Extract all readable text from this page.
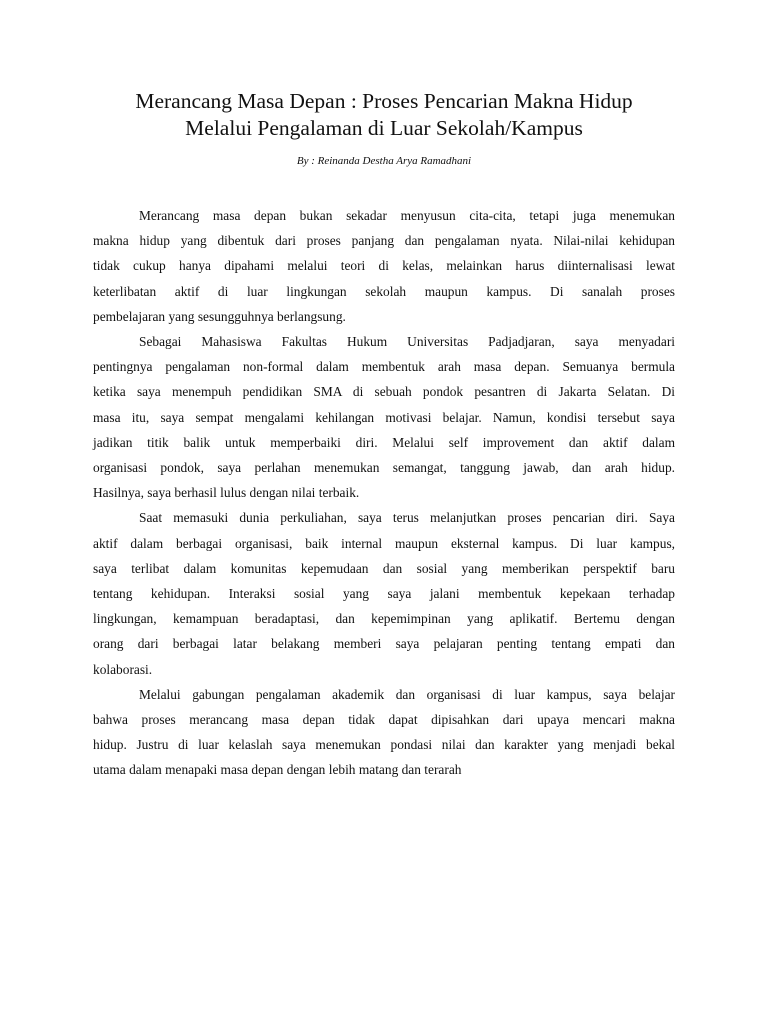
Merancang Masa Depan : Proses Pencarian Makna Hidup
Melalui Pengalaman di Luar Sekolah/Kampus

By : Reinanda Destha Arya Ramadhani

Merancang masa depan bukan sekadar menyusun cita-cita, tetapi juga menemukan
makna hidup yang dibentuk dari proses panjang dan pengalaman nyata. Nilai-nilai kehidupan
tidak cukup hanya dipahami melalui teori di kelas, melainkan harus diinternalisasi lewat
keterlibatan aktif di luar lingkungan sekolah maupun kampus. Di sanalah proses
pembelajaran yang sesungguhnya berlangsung.

Sebagai Mahasiswa Fakultas Hukum Universitas Padjadjaran, saya menyadari
pentingnya pengalaman non-formal dalam membentuk arah masa depan. Semuanya bermula
ketika saya menempuh pendidikan SMA di sebuah pondok pesantren di Jakarta Selatan. Di
masa itu, saya sempat mengalami kehilangan motivasi belajar. Namun, kondisi tersebut saya
jadikan titik balik untuk memperbaiki diri. Melalui self improvement dan aktif dalam
organisasi pondok, saya perlahan menemukan semangat, tanggung jawab, dan arah hidup.
Hasilnya, saya berhasil lulus dengan nilai terbaik.

Saat memasuki dunia perkuliahan, saya terus melanjutkan proses pencarian diri. Saya
aktif dalam berbagai organisasi, baik internal maupun eksternal kampus. Di luar kampus,
saya terlibat dalam komunitas kepemudaan dan sosial yang memberikan perspektif baru
tentang kehidupan. Interaksi sosial yang saya jalani membentuk kepekaan terhadap
lingkungan, kemampuan beradaptasi, dan kepemimpinan yang aplikatif. Bertemu dengan
orang dari berbagai latar belakang memberi saya pelajaran penting tentang empati dan
kolaborasi.

Melalui gabungan pengalaman akademik dan organisasi di luar kampus, saya belajar
bahwa proses merancang masa depan tidak dapat dipisahkan dari upaya mencari makna
hidup. Justru di luar kelaslah saya menemukan pondasi nilai dan karakter yang menjadi bekal
utama dalam menapaki masa depan dengan lebih matang dan terarah
